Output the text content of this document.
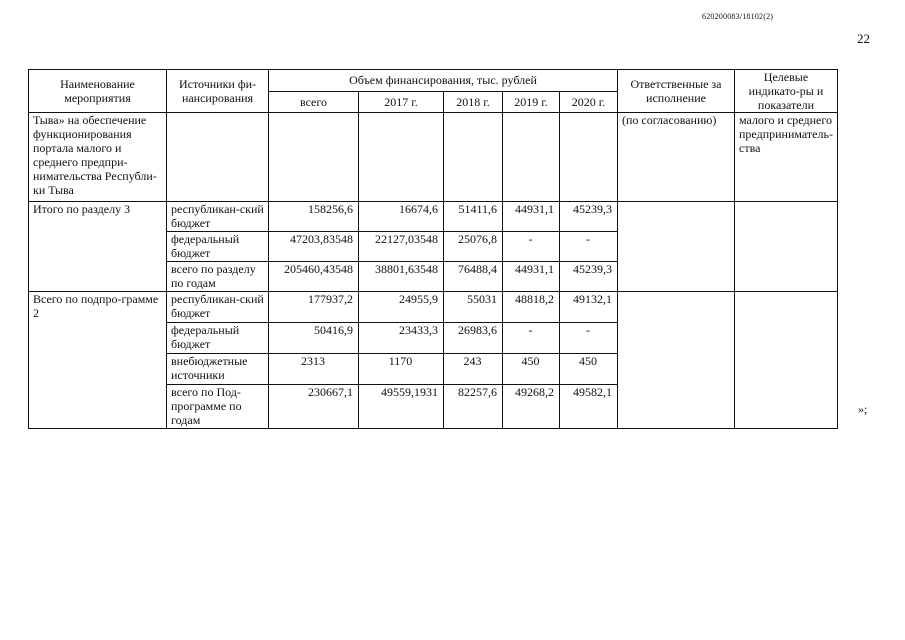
620200083/18102(2)
22
Наименование мероприятия	Источники фи-нансирования	Объем финансирования, тыс. рублей					Ответственные за исполнение	Целевые индикато-ры и показатели
		всего	2017 г.	2018 г.	2019 г.	2020 г.		
Тыва» на обеспечение функционирования портала малого и среднего предпри-нимательства Республи-ки Тыва							(по согласованию)	малого и среднего предприниматель-ства
Итого по разделу 3	республикан-ский бюджет	158256,6	16674,6	51411,6	44931,1	45239,3		
	федеральный бюджет	47203,83548	22127,03548	25076,8	-	-		
	всего по разделу по годам	205460,43548	38801,63548	76488,4	44931,1	45239,3		
Всего по подпро-грамме 2	республикан-ский бюджет	177937,2	24955,9	55031	48818,2	49132,1		
	федеральный бюджет	50416,9	23433,3	26983,6	-	-		
	внебюджетные источники	2313	1170	243	450	450		
	всего по Под-программе по годам	230667,1	49559,1931	82257,6	49268,2	49582,1		
»;
